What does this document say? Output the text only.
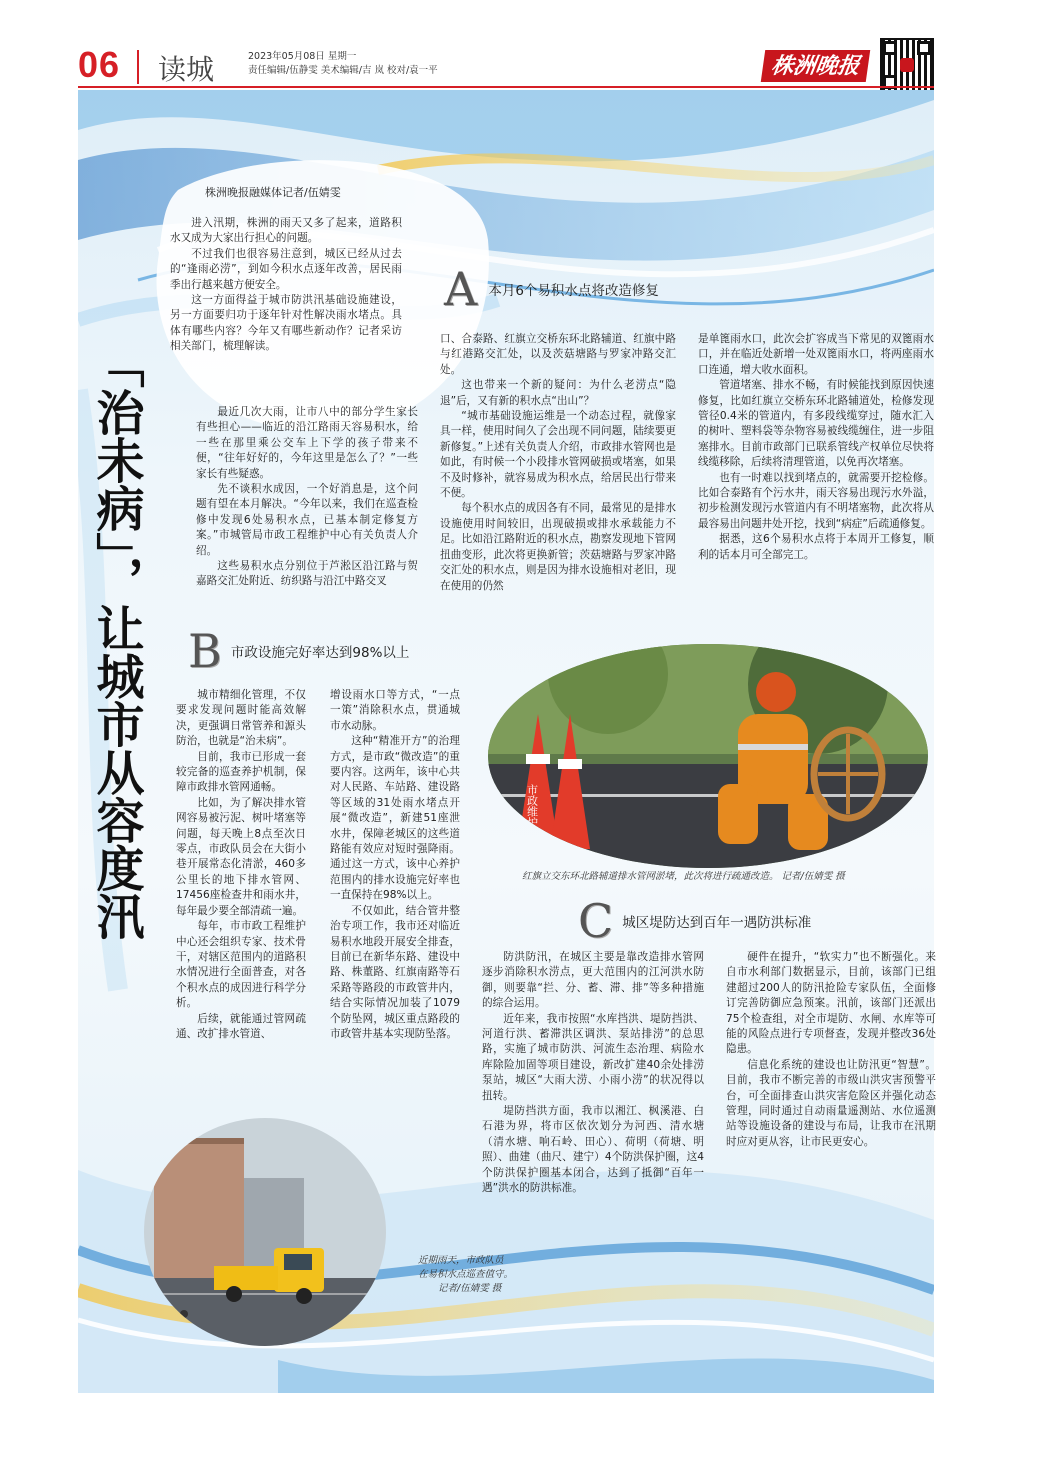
06 读城	2023年05月08日 星期一
责任编辑/伍静雯 美术编辑/吉 岚 校对/袁一平	株洲晚报
「治未病」，
让城市从容度汛
株洲晚报融媒体记者/伍婧雯

进入汛期，株洲的雨天又多了起来，道路积水又成为大家出行担心的问题。

不过我们也很容易注意到，城区已经从过去的“逢雨必涝”，到如今积水点逐年改善，居民雨季出行越来越方便安全。

这一方面得益于城市防洪汛基础设施建设，另一方面要归功于逐年针对性解决雨水堵点。具体有哪些内容？今年又有哪些新动作？记者采访相关部门，梳理解读。

A $^{本月6个易积水点将改造修复}$

最近几次大雨，让市八中的部分学生家长有些担心——临近的沿江路雨天容易积水，给一些在那里乘公交车上下学的孩子带来不便，“往年好好的，今年这里是怎么了？”一些家长有些疑惑。

先不谈积水成因，一个好消息是，这个问题有望在本月解决。“今年以来，我们在巡查检修中发现6处易积水点，已基本制定修复方案。”市城管局市政工程维护中心有关负责人介绍。

这些易积水点分别位于芦淞区沿江路与贺嘉路交汇处附近、纺织路与沿江中路交叉

口、合泰路、红旗立交桥东环北路辅道、红旗中路与红港路交汇处，以及茨菇塘路与罗家冲路交汇处。

这也带来一个新的疑问：为什么老涝点“隐退”后，又有新的积水点“出山”？

“城市基础设施运维是一个动态过程，就像家具一样，使用时间久了会出现不同问题，陆续要更新修复。”上述有关负责人介绍，市政排水管网也是如此，有时候一个小段排水管网破损或堵塞，如果不及时修补，就容易成为积水点，给居民出行带来不便。

每个积水点的成因各有不同，最常见的是排水设施使用时间较旧，出现破损或排水承载能力不足。比如沿江路附近的积水点，勘察发现地下管网扭曲变形，此次将更换新管；茨菇塘路与罗家冲路交汇处的积水点，则是因为排水设施相对老旧，现在使用的仍然

是单篦雨水口，此次会扩容成当下常见的双篦雨水口，并在临近处新增一处双篦雨水口，将两座雨水口连通，增大收水面积。

管道堵塞、排水不畅，有时候能找到原因快速修复，比如红旗立交桥东环北路辅道处，检修发现管径0.4米的管道内，有多段线缆穿过，随水汇入的树叶、塑料袋等杂物容易被线缆缠住，进一步阻塞排水。目前市政部门已联系管线产权单位尽快将线缆移除，后续将清理管道，以免再次堵塞。

也有一时难以找到堵点的，就需要开挖检修。比如合泰路有个污水井，雨天容易出现污水外溢，初步检测发现污水管道内有不明堵塞物，此次将从最容易出问题井处开挖，找到“病症”后疏通修复。

据悉，这6个易积水点将于本周开工修复，顺利的话本月可全部完工。

B $^{市政设施完好率达到98\%以上}$

城市精细化管理，不仅要求发现问题时能高效解决，更强调日常管养和源头防治，也就是“治未病”。

目前，我市已形成一套较完备的巡查养护机制，保障市政排水管网通畅。

比如，为了解决排水管网容易被污泥、树叶堵塞等问题，每天晚上8点至次日零点，市政队员会在大街小巷开展常态化清淤，460多公里长的地下排水管网、17456座检查井和雨水井，每年最少要全部清疏一遍。

每年，市市政工程维护中心还会组织专家、技术骨干，对辖区范围内的道路积水情况进行全面普查，对各个积水点的成因进行科学分析。

后续，就能通过管网疏通、改扩排水管道、

增设雨水口等方式，“一点一策”消除积水点，贯通城市水动脉。

这种“精准开方”的治理方式，是市政“微改造”的重要内容。这两年，该中心共对人民路、车站路、建设路等区域的31处雨水堵点开展“微改造”，新建51座泄水井，保障老城区的这些道路能有效应对短时强降雨。通过这一方式，该中心养护范围内的排水设施完好率也一直保持在98%以上。

不仅如此，结合管井整治专项工作，我市还对临近易积水地段开展安全排查，目前已在新华东路、建设中路、株董路、红旗南路等石采路等路段的市政管井内，结合实际情况加装了1079个防坠网，城区重点路段的市政管井基本实现防坠落。

市政维护
红旗立交东环北路辅道排水管网淤堵，此次将进行疏通改造。 记者/伍婧雯 摄
C $^{城区堤防达到百年一遇防洪标准}$

防洪防汛，在城区主要是靠改造排水管网逐步消除积水涝点，更大范围内的江河洪水防御，则要靠“拦、分、蓄、滞、排”等多种措施的综合运用。

近年来，我市按照“水库挡洪、堤防挡洪、河道行洪、蓄滞洪区调洪、泵站排涝”的总思路，实施了城市防洪、河流生态治理、病险水库除险加固等项目建设，新改扩建40余处排涝泵站，城区“大雨大涝、小雨小涝”的状况得以扭转。

堤防挡洪方面，我市以湘江、枫溪港、白石港为界，将市区依次划分为河西、清水塘（清水塘、响石岭、田心）、荷明（荷塘、明照）、曲建（曲尺、建宁）4个防洪保护圈，这4个防洪保护圈基本闭合，达到了抵御“百年一遇”洪水的防洪标准。

硬件在提升，“软实力”也不断强化。来自市水利部门数据显示，目前，该部门已组建超过200人的防汛抢险专家队伍，全面修订完善防御应急预案。汛前，该部门还派出75个检查组，对全市堤防、水闸、水库等可能的风险点进行专项督查，发现并整改36处隐患。

信息化系统的建设也让防汛更“智慧”。目前，我市不断完善的市级山洪灾害预警平台，可全面排查山洪灾害危险区并强化动态管理，同时通过自动雨量遥测站、水位遥测站等设施设备的建设与布局，让我市在汛期时应对更从容，让市民更安心。

近期雨天，市政队员
在易积水点巡查值守。
记者/伍婧雯 摄
